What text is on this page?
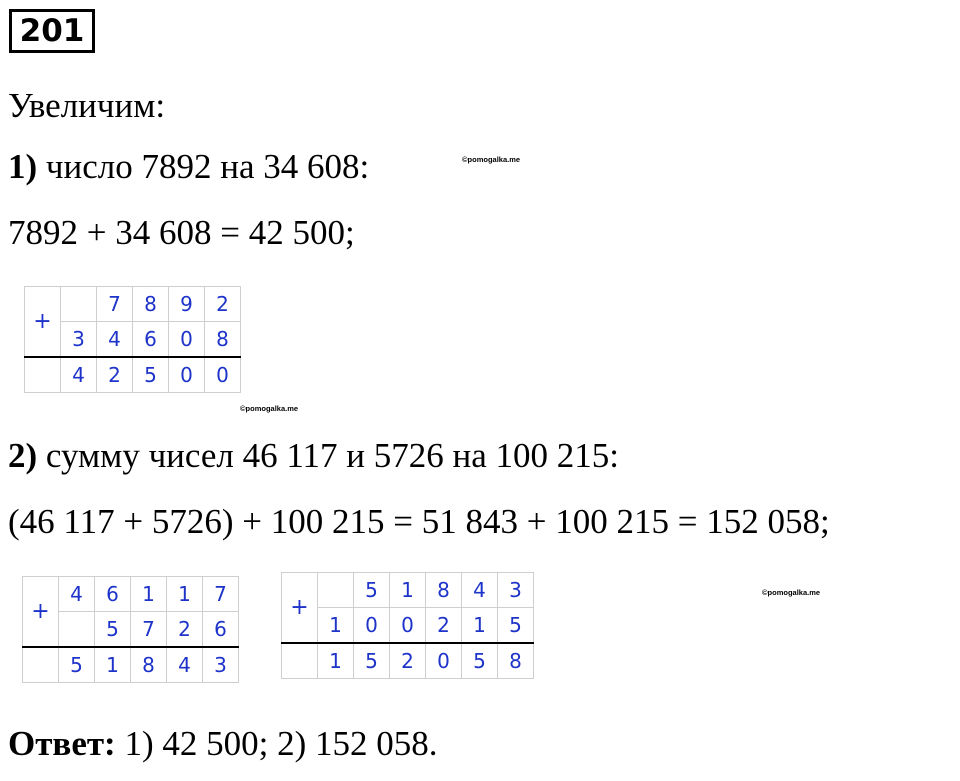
201
Увеличим:
1) число 7892 на 34 608:	©pomogalka.me
7892 + 34 608 = 42 500;
+		7	8	9	2
	3	4	6	0	8
	4	2	5	0	0
©pomogalka.me
2) сумму чисел 46 117 и 5726 на 100 215:
(46 117 + 5726) + 100 215 = 51 843 + 100 215 = 152 058;
+	4	6	1	1	7
		5	7	2	6
	5	1	8	4	3
+		5	1	8	4	3
	1	0	0	2	1	5
	1	5	2	0	5	8
©pomogalka.me
Ответ: 1) 42 500; 2) 152 058.
